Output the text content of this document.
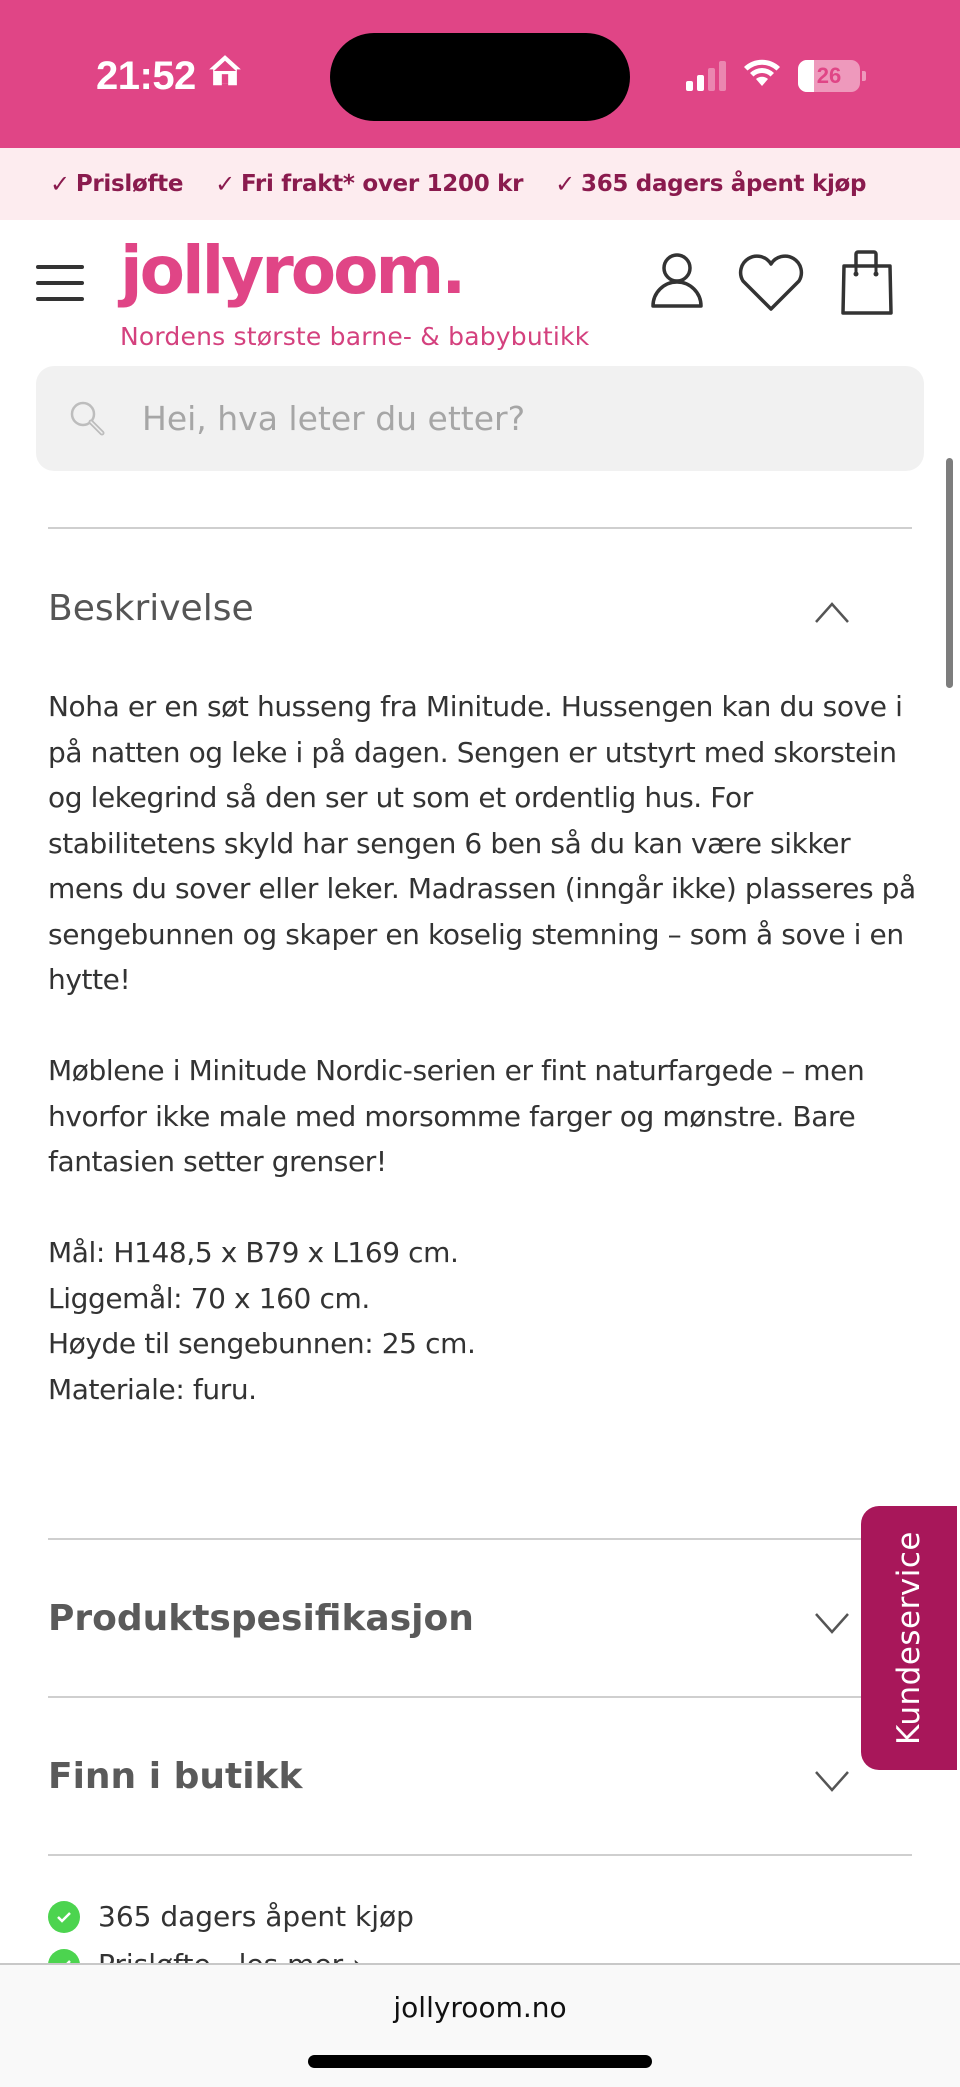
21:52	26
✓ Prisløfte ✓ Fri frakt* over 1200 kr ✓ 365 dagers åpent kjøp
jollyroom.
Nordens største barne- & babybutikk
Hei, hva leter du etter?
Beskrivelse

Noha er en søt husseng fra Minitude. Hussengen kan du sove i på natten og leke i på dagen. Sengen er utstyrt med skorstein og lekegrind så den ser ut som et ordentlig hus. For stabilitetens skyld har sengen 6 ben så du kan være sikker mens du sover eller leker. Madrassen (inngår ikke) plasseres på sengebunnen og skaper en koselig stemning – som å sove i en hytte!

Møblene i Minitude Nordic-serien er fint naturfargede – men hvorfor ikke male med morsomme farger og mønstre. Bare fantasien setter grenser!

Mål: H148,5 x B79 x L169 cm.

Liggemål: 70 x 160 cm.

Høyde til sengebunnen: 25 cm.

Materiale: furu.

Produktspesifikasjon
Finn i butikk
365 dagers åpent kjøp
Kundeservice
jollyroom.no
